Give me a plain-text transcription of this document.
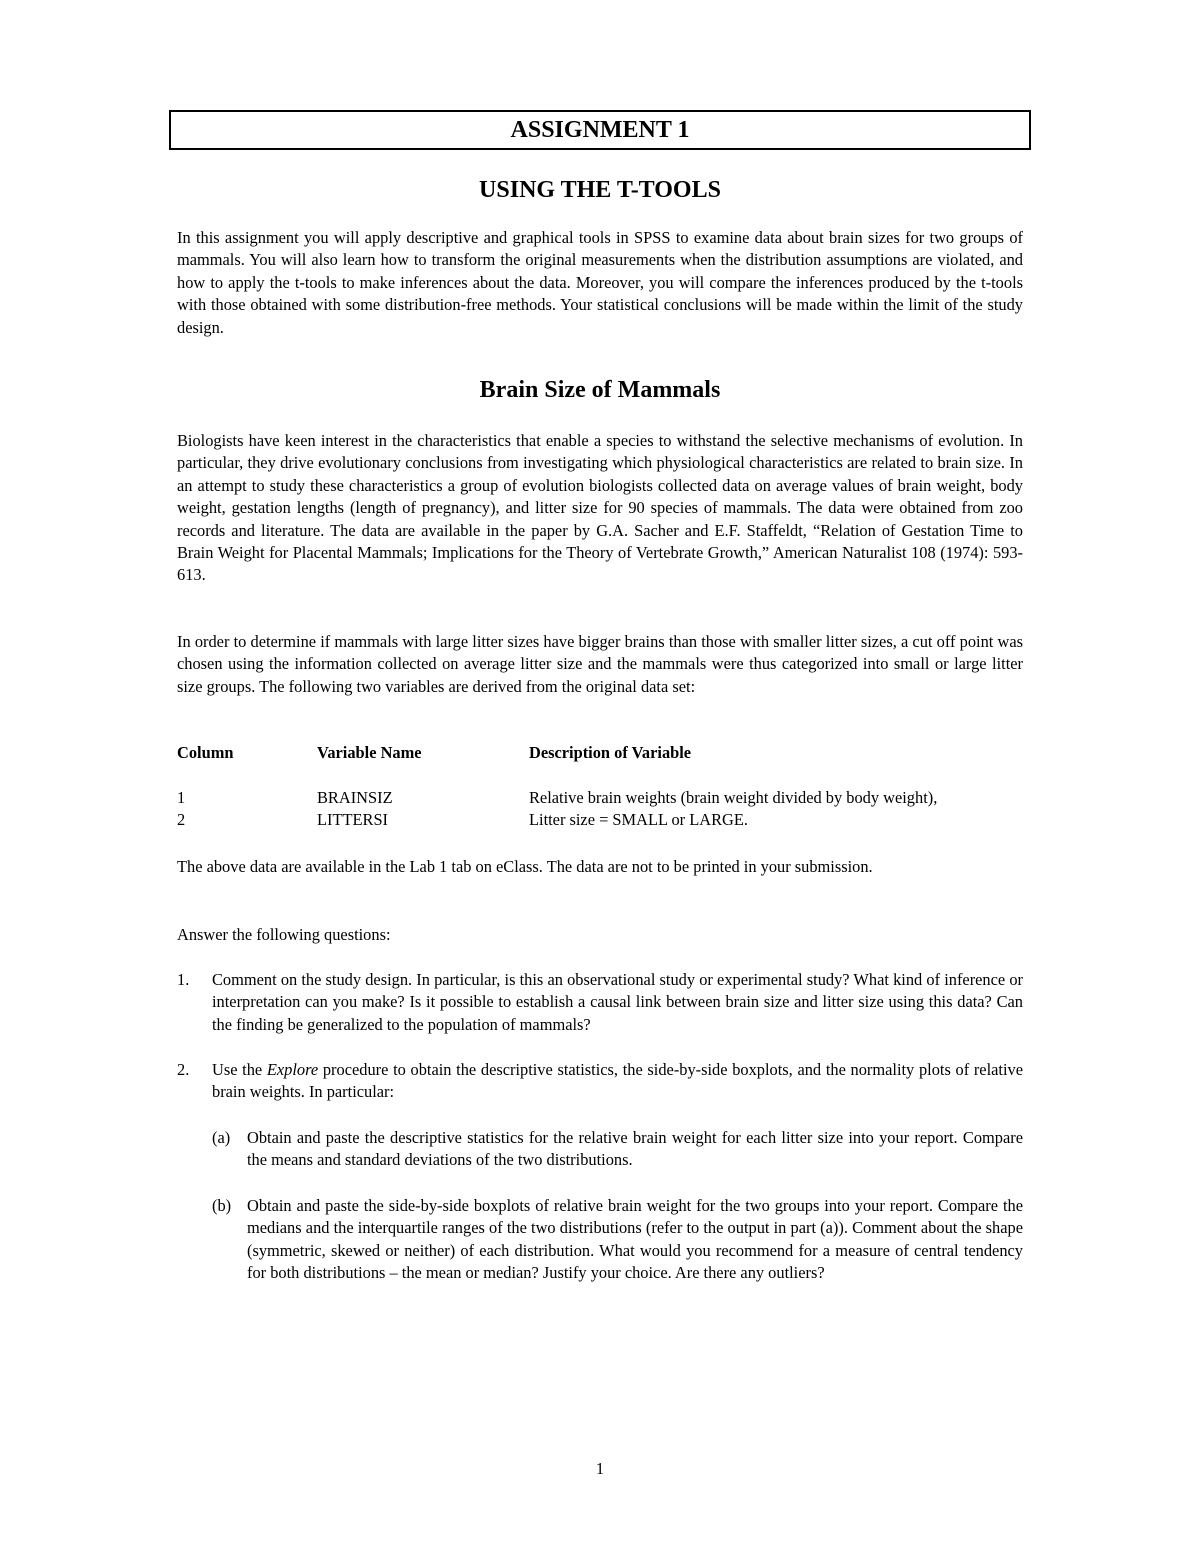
ASSIGNMENT 1
USING THE T-TOOLS

In this assignment you will apply descriptive and graphical tools in SPSS to examine data about brain sizes for two groups of mammals. You will also learn how to transform the original measurements when the distribution assumptions are violated, and how to apply the t-tools to make inferences about the data. Moreover, you will compare the inferences produced by the t-tools with those obtained with some distribution-free methods. Your statistical conclusions will be made within the limit of the study design.

Brain Size of Mammals

Biologists have keen interest in the characteristics that enable a species to withstand the selective mechanisms of evolution. In particular, they drive evolutionary conclusions from investigating which physiological characteristics are related to brain size. In an attempt to study these characteristics a group of evolution biologists collected data on average values of brain weight, body weight, gestation lengths (length of pregnancy), and litter size for 90 species of mammals. The data were obtained from zoo records and literature. The data are available in the paper by G.A. Sacher and E.F. Staffeldt, “Relation of Gestation Time to Brain Weight for Placental Mammals; Implications for the Theory of Vertebrate Growth,” American Naturalist 108 (1974): 593-613.

In order to determine if mammals with large litter sizes have bigger brains than those with smaller litter sizes, a cut off point was chosen using the information collected on average litter size and the mammals were thus categorized into small or large litter size groups. The following two variables are derived from the original data set:

Column	Variable Name	Description of Variable
1	BRAINSIZ	Relative brain weights (brain weight divided by body weight),
2	LITTERSI	Litter size = SMALL or LARGE.

The above data are available in the Lab 1 tab on eClass. The data are not to be printed in your submission.

Answer the following questions:

1. Comment on the study design. In particular, is this an observational study or experimental study? What kind of inference or interpretation can you make? Is it possible to establish a causal link between brain size and litter size using this data? Can the finding be generalized to the population of mammals?
2. Use the Explore procedure to obtain the descriptive statistics, the side-by-side boxplots, and the normality plots of relative brain weights. In particular:
(a) Obtain and paste the descriptive statistics for the relative brain weight for each litter size into your report. Compare the means and standard deviations of the two distributions.
(b) Obtain and paste the side-by-side boxplots of relative brain weight for the two groups into your report. Compare the medians and the interquartile ranges of the two distributions (refer to the output in part (a)). Comment about the shape (symmetric, skewed or neither) of each distribution. What would you recommend for a measure of central tendency for both distributions – the mean or median? Justify your choice. Are there any outliers?
1
